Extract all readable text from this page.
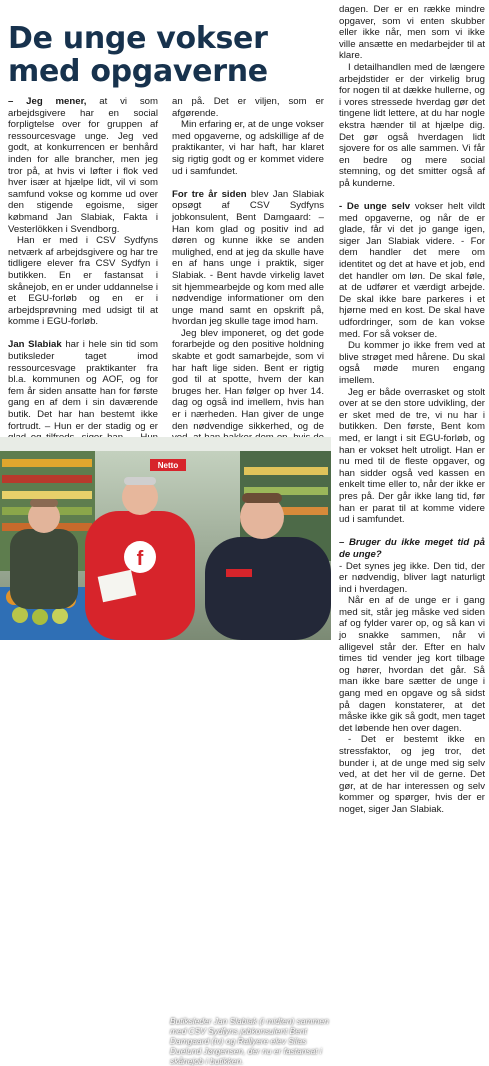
De unge vokser med opgaverne

– Jeg mener, at vi som arbejdsgivere har en social forpligtelse over for gruppen af ressourcesvage unge. Jeg ved godt, at konkurrencen er benhård inden for alle brancher, men jeg tror på, at hvis vi løfter i flok ved hver især at hjælpe lidt, vil vi som samfund vokse og komme ud over den stigende egoisme, siger købmand Jan Slabiak, Fakta i Vesterlökken i Svendborg.

Han er med i CSV Sydfyns netværk af arbejdsgivere og har tre tidligere elever fra CSV Sydfyn i butikken. En er fastansat i skånejob, en er under uddannelse i et EGU-forløb og en er i arbejdsprøvning med udsigt til at komme i EGU-forløb.

Jan Slabiak har i hele sin tid som butiksleder taget imod ressourcesvage praktikanter fra bl.a. kommunen og AOF, og for fem år siden ansatte han for første gang en af dem i sin daværende butik. Det har han bestemt ikke fortrudt. – Hun er der stadig og er

an på. Det er viljen, som er afgørende.

Min erfaring er, at de unge vokser med opgaverne, og adskillige af de praktikanter, vi har haft, har klaret sig rigtig godt og er kommet videre ud i samfundet.

For tre år siden blev Jan Slabiak opsøgt af CSV Sydfyns jobkonsulent, Bent Damgaard: – Han kom glad og positiv ind ad døren og kunne ikke se anden mulighed, end at jeg da skulle have en af hans unge i praktik, siger Slabiak. - Bent havde virkelig lavet sit hjemmearbejde og kom med alle nødvendige informationer om den unge mand samt en opskrift på, hvordan jeg skulle tage imod ham.

Jeg blev imponeret, og det gode forarbejde og den positive holdning skabte et godt samarbejde, som vi har haft lige siden. Bent er rigtig god til at spotte, hvem der kan bruges her. Han følger op hver 14. dag og også ind imellem, hvis han er i nærheden. Han giver de unge den nødvendige sikkerhed, og de

dagen. Der er en række mindre opgaver, som vi enten skubber eller ikke når, men som vi ikke ville ansætte en medarbejder til at klare.

I detailhandlen med de længere arbejdstider er der virkelig brug for nogen til at dække hullerne, og i vores stressede hverdag gør det tingene lidt lettere, at du har nogle ekstra hænder til at hjælpe dig. Det gør også hverdagen lidt sjovere for os alle sammen. Vi får en bedre og mere social stemning, og det smitter også af på kunderne.

- De unge selv vokser helt vildt med opgaverne, og når de er glade, får vi det jo gange igen, siger Jan Slabiak videre. - For dem handler det mere om identitet og det at have et job, end det handler om løn. De skal føle, at de udfører et værdigt arbejde. De skal ikke bare parkeres i et hjørne med en kost. De skal have udfordringer, som de kan vokse med. For så vokser de.

Du kommer jo ikke frem ved at blive strøget med hårene. Du skal også møde muren engang imellem.

Jeg er både overrasket og stolt over at se den store udvikling, der er sket med de tre, vi nu har i butikken. Den første, Bent kom med, er langt i sit EGU-forløb, og han er vokset helt utroligt. Han er nu med til de fleste opgaver, og han sidder også ved kassen en enkelt time eller to, når der ikke er pres på. Der går ikke lang tid, før han er parat til at komme videre ud i samfundet.

– Bruger du ikke meget tid på de unge?

- Det synes jeg ikke. Den tid, der er nødvendig, bliver lagt naturligt ind i hverdagen.

Når en af de unge er i gang med sit, står jeg måske ved siden af og fylder varer op, og så kan vi jo snakke sammen, når vi alligevel står der. Efter en halv times tid vender jeg kort tilbage og hører, hvordan det går. Så man ikke bare sætter de unge i gang med en opgave og så sidst på dagen konstaterer, at det måske ikke gik så godt, men taget det løbende hen over dagen.

- Det er bestemt ikke en stressfaktor, og jeg tror, det bunder i, at de unge med sig selv ved, at det her vil de gerne. Det gør, at de har interessen og selv kommer og spørger, hvis der er noget, siger Jan Slabiak.

Netto
f

Butiksleder Jan Slabiak (i midten) sammen med CSV Sydfyns jobkonsulent Bent Damgaard (tv) og Rallyere elev Silas Duelund Jørgensen, der nu er fastansat i skånejob i butikken.
